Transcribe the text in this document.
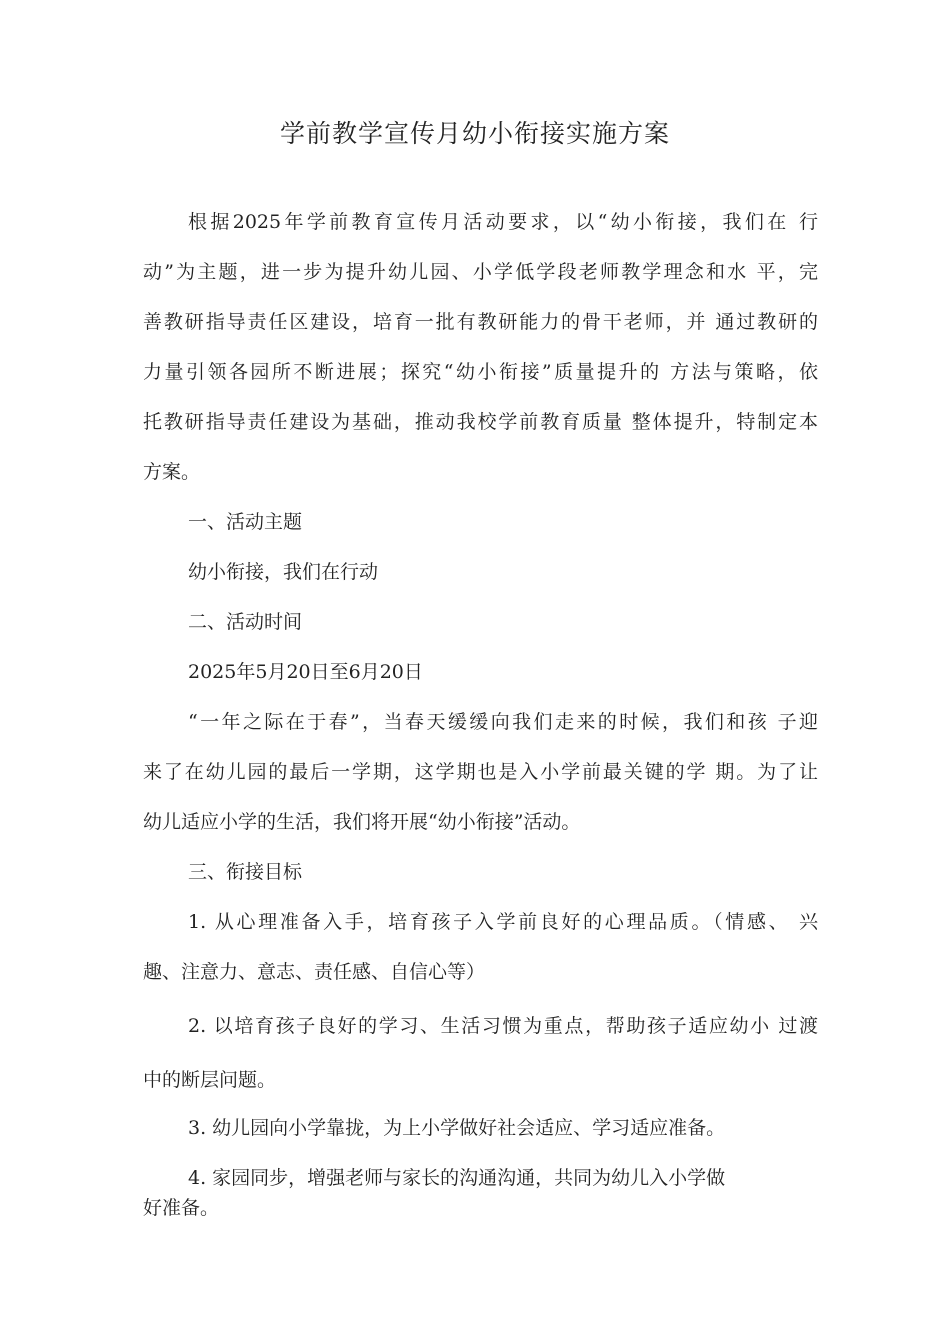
学前教学宣传月幼小衔接实施方案
根据2025年学前教育宣传月活动要求，以“幼小衔接，我们在 行
动”为主题，进一步为提升幼儿园、小学低学段老师教学理念和水 平，完
善教研指导责任区建设，培育一批有教研能力的骨干老师，并 通过教研的
力量引领各园所不断进展；探究“幼小衔接”质量提升的 方法与策略，依
托教研指导责任建设为基础，推动我校学前教育质量 整体提升，特制定本
方案。
一、活动主题
幼小衔接，我们在行动
二、活动时间
2025年5月20日至6月20日
“一年之际在于春”，当春天缓缓向我们走来的时候，我们和孩 子迎
来了在幼儿园的最后一学期，这学期也是入小学前最关键的学 期。为了让
幼儿适应小学的生活，我们将开展“幼小衔接”活动。
三、衔接目标
1. 从心理准备入手，培育孩子入学前良好的心理品质。（情感、 兴
趣、注意力、意志、责任感、自信心等）
2. 以培育孩子良好的学习、生活习惯为重点，帮助孩子适应幼小 过渡
中的断层问题。
3. 幼儿园向小学靠拢，为上小学做好社会适应、学习适应准备。
4. 家园同步，增强老师与家长的沟通沟通，共同为幼儿入小学做
好准备。
